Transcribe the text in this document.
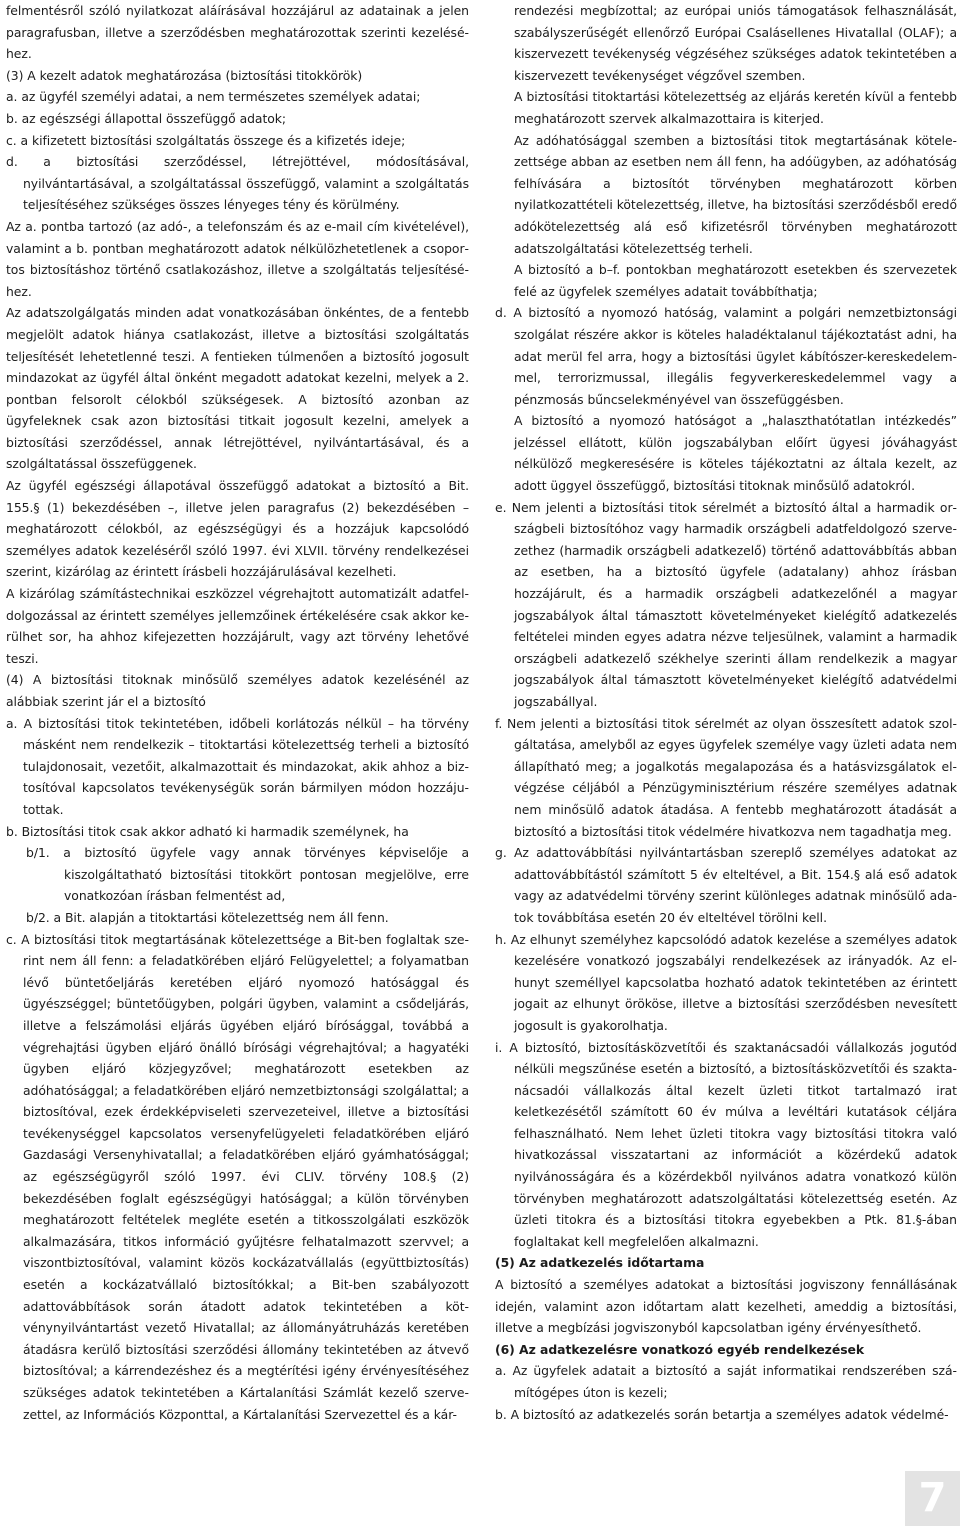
felmentésről szóló nyilatkozat aláírásával hozzájárul az adatainak a jelen paragrafusban, illetve a szerződésben meghatározottak szerinti kezeléséhez.

(3) A kezelt adatok meghatározása (biztosítási titokkörök)

a. az ügyfél személyi adatai, a nem természetes személyek adatai;

b. az egészségi állapottal összefüggő adatok;

c. a kifizetett biztosítási szolgáltatás összege és a kifizetés ideje;

d. a biztosítási szerződéssel, létrejöttével, módosításával, nyilvántartásával, a szolgáltatással összefüggő, valamint a szolgáltatás teljesítéséhez szükséges összes lényeges tény és körülmény.

Az a. pontba tartozó (az adó-, a telefonszám és az e-mail cím kivételével), valamint a b. pontban meghatározott adatok nélkülözhetetlenek a csoportos biztosításhoz történő csatlakozáshoz, illetve a szolgáltatás teljesítéséhez.

Az adatszolgálgatás minden adat vonatkozásában önkéntes, de a fentebb megjelölt adatok hiánya csatlakozást, illetve a biztosítási szolgáltatás teljesítését lehetetlenné teszi. A fentieken túlmenően a biztosító jogosult mindazokat az ügyfél által önként megadott adatokat kezelni, melyek a 2. pontban felsorolt célokból szükségesek. A biztosító azonban az ügyfeleknek csak azon biztosítási titkait jogosult kezelni, amelyek a biztosítási szerződéssel, annak létrejöttével, nyilvántartásával, és a szolgáltatással összefüggenek.

Az ügyfél egészségi állapotával összefüggő adatokat a biztosító a Bit. 155.§ (1) bekezdésében –, illetve jelen paragrafus (2) bekezdésében – meghatározott célokból, az egészségügyi és a hozzájuk kapcsolódó személyes adatok kezeléséről szóló 1997. évi XLVII. törvény rendelkezései szerint, kizárólag az érintett írásbeli hozzájárulásával kezelheti.

A kizárólag számítástechnikai eszközzel végrehajtott automatizált adatfeldolgozással az érintett személyes jellemzőinek értékelésére csak akkor kerülhet sor, ha ahhoz kifejezetten hozzájárult, vagy azt törvény lehetővé teszi.

(4) A biztosítási titoknak minősülő személyes adatok kezelésénél az alábbiak szerint jár el a biztosító

a. A biztosítási titok tekintetében, időbeli korlátozás nélkül – ha törvény másként nem rendelkezik – titoktartási kötelezettség terheli a biztosító tulajdonosait, vezetőit, alkalmazottait és mindazokat, akik ahhoz a biztosítóval kapcsolatos tevékenységük során bármilyen módon hozzájutottak.

b. Biztosítási titok csak akkor adható ki harmadik személynek, ha

b/1. a biztosító ügyfele vagy annak törvényes képviselője a kiszolgáltatható biztosítási titokkört pontosan megjelölve, erre vonatkozóan írásban felmentést ad,

b/2. a Bit. alapján a titoktartási kötelezettség nem áll fenn.

c. A biztosítási titok megtartásának kötelezettsége a Bit-ben foglaltak szerint nem áll fenn: a feladatkörében eljáró Felügyelettel; a folyamatban lévő büntetőeljárás keretében eljáró nyomozó hatósággal és ügyészséggel; büntetőügyben, polgári ügyben, valamint a csődeljárás, illetve a felszámolási eljárás ügyében eljáró bírósággal, továbbá a végrehajtási ügyben eljáró önálló bírósági végrehajtóval; a hagyatéki ügyben eljáró közjegyzővel; meghatározott esetekben az adóhatósággal; a feladatkörében eljáró nemzetbiztonsági szolgálattal; a biztosítóval, ezek érdekképviseleti szervezeteivel, illetve a biztosítási tevékenységgel kapcsolatos versenyfelügyeleti feladatkörében eljáró Gazdasági Versenyhivatallal; a feladatkörében eljáró gyámhatósággal; az egészségügyről szóló 1997. évi CLIV. törvény 108.§ (2) bekezdésében foglalt egészségügyi hatósággal; a külön törvényben meghatározott feltételek megléte esetén a titkosszolgálati eszközök alkalmazására, titkos információ gyűjtésre felhatalmazott szervvel; a viszontbiztosítóval, valamint közös kockázatvállalás (együttbiztosítás) esetén a kockázatvállaló biztosítókkal; a Bit-ben szabályozott adattovábbítások során átadott adatok tekintetében a kötvénynyilvántartást vezető Hivatallal; az állományátruházás keretében átadásra kerülő biztosítási szerződési állomány tekintetében az átvevő biztosítóval; a kárrendezéshez és a megtérítési igény érvényesítéséhez szükséges adatok tekintetében a Kártalanítási Számlát kezelő szervezettel, az Információs Központtal, a Kártalanítási Szervezettel és a kár-

rendezési megbízottal; az európai uniós támogatások felhasználását, szabályszerűségét ellenőrző Európai Csalásellenes Hivatallal (OLAF); a kiszervezett tevékenység végzéséhez szükséges adatok tekintetében a kiszervezett tevékenységet végzővel szemben.

A biztosítási titoktartási kötelezettség az eljárás keretén kívül a fentebb meghatározott szervek alkalmazottaira is kiterjed.

Az adóhatósággal szemben a biztosítási titok megtartásának kötelezettsége abban az esetben nem áll fenn, ha adóügyben, az adóhatóság felhívására a biztosítót törvényben meghatározott körben nyilatkozattételi kötelezettség, illetve, ha biztosítási szerződésből eredő adókötelezettség alá eső kifizetésről törvényben meghatározott adatszolgáltatási kötelezettség terheli.

A biztosító a b–f. pontokban meghatározott esetekben és szervezetek felé az ügyfelek személyes adatait továbbíthatja;

d. A biztosító a nyomozó hatóság, valamint a polgári nemzetbiztonsági szolgálat részére akkor is köteles haladéktalanul tájékoztatást adni, ha adat merül fel arra, hogy a biztosítási ügylet kábítószer-kereskedelemmel, terrorizmussal, illegális fegyverkereskedelemmel vagy a pénzmosás bűncselekményével van összefüggésben.

A biztosító a nyomozó hatóságot a „halaszthatótatlan intézkedés” jelzéssel ellátott, külön jogszabályban előírt ügyesi jóváhagyást nélkülöző megkeresésére is köteles tájékoztatni az általa kezelt, az adott üggyel összefüggő, biztosítási titoknak minősülő adatokról.

e. Nem jelenti a biztosítási titok sérelmét a biztosító által a harmadik országbeli biztosítóhoz vagy harmadik országbeli adatfeldolgozó szervezethez (harmadik országbeli adatkezelő) történő adattovábbítás abban az esetben, ha a biztosító ügyfele (adatalany) ahhoz írásban hozzájárult, és a harmadik országbeli adatkezelőnél a magyar jogszabályok által támasztott követelményeket kielégítő adatkezelés feltételei minden egyes adatra nézve teljesülnek, valamint a harmadik országbeli adatkezelő székhelye szerinti állam rendelkezik a magyar jogszabályok által támasztott követelményeket kielégítő adatvédelmi jogszabállyal.

f. Nem jelenti a biztosítási titok sérelmét az olyan összesített adatok szolgáltatása, amelyből az egyes ügyfelek személye vagy üzleti adata nem állapítható meg; a jogalkotás megalapozása és a hatásvizsgálatok elvégzése céljából a Pénzügyminisztérium részére személyes adatnak nem minősülő adatok átadása. A fentebb meghatározott átadását a biztosító a biztosítási titok védelmére hivatkozva nem tagadhatja meg.

g. Az adattovábbítási nyilvántartásban szereplő személyes adatokat az adattovábbítástól számított 5 év elteltével, a Bit. 154.§ alá eső adatok vagy az adatvédelmi törvény szerint különleges adatnak minősülő adatok továbbítása esetén 20 év elteltével törölni kell.

h. Az elhunyt személyhez kapcsolódó adatok kezelése a személyes adatok kezelésére vonatkozó jogszabályi rendelkezések az irányadók. Az elhunyt személlyel kapcsolatba hozható adatok tekintetében az érintett jogait az elhunyt örököse, illetve a biztosítási szerződésben nevesített jogosult is gyakorolhatja.

i. A biztosító, biztosításközvetítői és szaktanácsadói vállalkozás jogutód nélküli megszűnése esetén a biztosító, a biztosításközvetítői és szaktanácsadói vállalkozás által kezelt üzleti titkot tartalmazó irat keletkezésétől számított 60 év múlva a levéltári kutatások céljára felhasználható. Nem lehet üzleti titokra vagy biztosítási titokra való hivatkozással visszatartani az információt a közérdekű adatok nyilvánosságára és a közérdekből nyilvános adatra vonatkozó külön törvényben meghatározott adatszolgáltatási kötelezettség esetén. Az üzleti titokra és a biztosítási titokra egyebekben a Ptk. 81.§-ában foglaltakat kell megfelelően alkalmazni.

(5) Az adatkezelés időtartama

A biztosító a személyes adatokat a biztosítási jogviszony fennállásának idején, valamint azon időtartam alatt kezelheti, ameddig a biztosítási, illetve a megbízási jogviszonyból kapcsolatban igény érvényesíthető.

(6) Az adatkezelésre vonatkozó egyéb rendelkezések

a. Az ügyfelek adatait a biztosító a saját informatikai rendszerében számítógépes úton is kezeli;

b. A biztosító az adatkezelés során betartja a személyes adatok védelmé-

7
